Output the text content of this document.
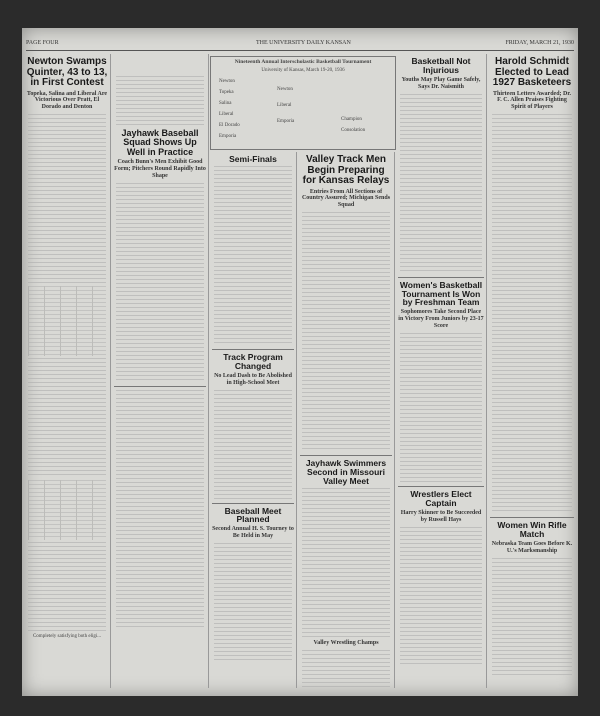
PAGE FOUR	THE UNIVERSITY DAILY KANSAN	FRIDAY, MARCH 21, 1930
Newton Swamps Quinter, 43 to 13, in First Contest
Topeka, Salina and Liberal Are Victorious Over Pratt, El Dorado and Denton
Completely satisfying both eligi...
Jayhawk Baseball Squad Shows Up Well in Practice
Coach Bunn's Men Exhibit Good Form; Pitchers Round Rapidly Into Shape
Nineteenth Annual Interscholastic Basketball Tournament
University of Kansas, March 19-20, 1936
Newton
Topeka
Salina
Liberal
El Dorado
Emporia
Newton
Liberal
Emporia	Champion
Consolation
Semi-Finals
Track Program Changed
No Lead Dash to Be Abolished in High-School Meet
Baseball Meet Planned
Second Annual H. S. Tourney to Be Held in May
Valley Track Men Begin Preparing for Kansas Relays
Entries From All Sections of Country Assured; Michigan Sends Squad
Jayhawk Swimmers Second in Missouri Valley Meet
Valley Wrestling Champs
Basketball Not Injurious
Youths May Play Game Safely, Says Dr. Naismith
Women's Basketball Tournament Is Won by Freshman Team
Sophomores Take Second Place in Victory From Juniors by 23-17 Score
Wrestlers Elect Captain
Harry Skinner to Be Succeeded by Russell Hays
Harold Schmidt Elected to Lead 1927 Basketeers
Thirteen Letters Awarded; Dr. F. C. Allen Praises Fighting Spirit of Players
Women Win Rifle Match
Nebraska Team Goes Before K. U.'s Marksmanship
